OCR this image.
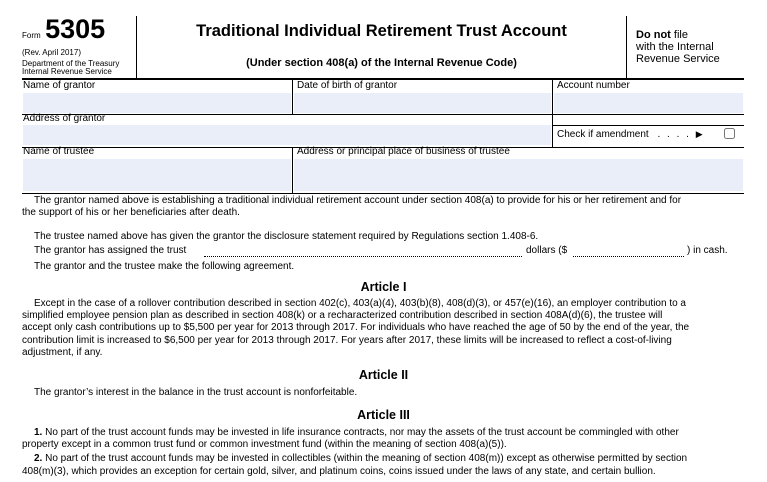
Form 5305
(Rev. April 2017)
Department of the Treasury
Internal Revenue Service
Traditional Individual Retirement Trust Account
(Under section 408(a) of the Internal Revenue Code)
Do not file
with the Internal
Revenue Service
Name of grantor	Date of birth of grantor	Account number
Address of grantor
Check if amendment . . . . ▶
Name of trustee	Address or principal place of business of trustee
The grantor named above is establishing a traditional individual retirement account under section 408(a) to provide for his or her retirement and for
the support of his or her beneficiaries after death.
The trustee named above has given the grantor the disclosure statement required by Regulations section 1.408-6.
The grantor has assigned the trust	dollars ($	) in cash.
The grantor and the trustee make the following agreement.
Article I
Except in the case of a rollover contribution described in section 402(c), 403(a)(4), 403(b)(8), 408(d)(3), or 457(e)(16), an employer contribution to a
simplified employee pension plan as described in section 408(k) or a recharacterized contribution described in section 408A(d)(6), the trustee will
accept only cash contributions up to $5,500 per year for 2013 through 2017. For individuals who have reached the age of 50 by the end of the year, the
contribution limit is increased to $6,500 per year for 2013 through 2017. For years after 2017, these limits will be increased to reflect a cost-of-living
adjustment, if any.
Article II
The grantor’s interest in the balance in the trust account is nonforfeitable.
Article III
1. No part of the trust account funds may be invested in life insurance contracts, nor may the assets of the trust account be commingled with other
property except in a common trust fund or common investment fund (within the meaning of section 408(a)(5)).
2. No part of the trust account funds may be invested in collectibles (within the meaning of section 408(m)) except as otherwise permitted by section
408(m)(3), which provides an exception for certain gold, silver, and platinum coins, coins issued under the laws of any state, and certain bullion.
